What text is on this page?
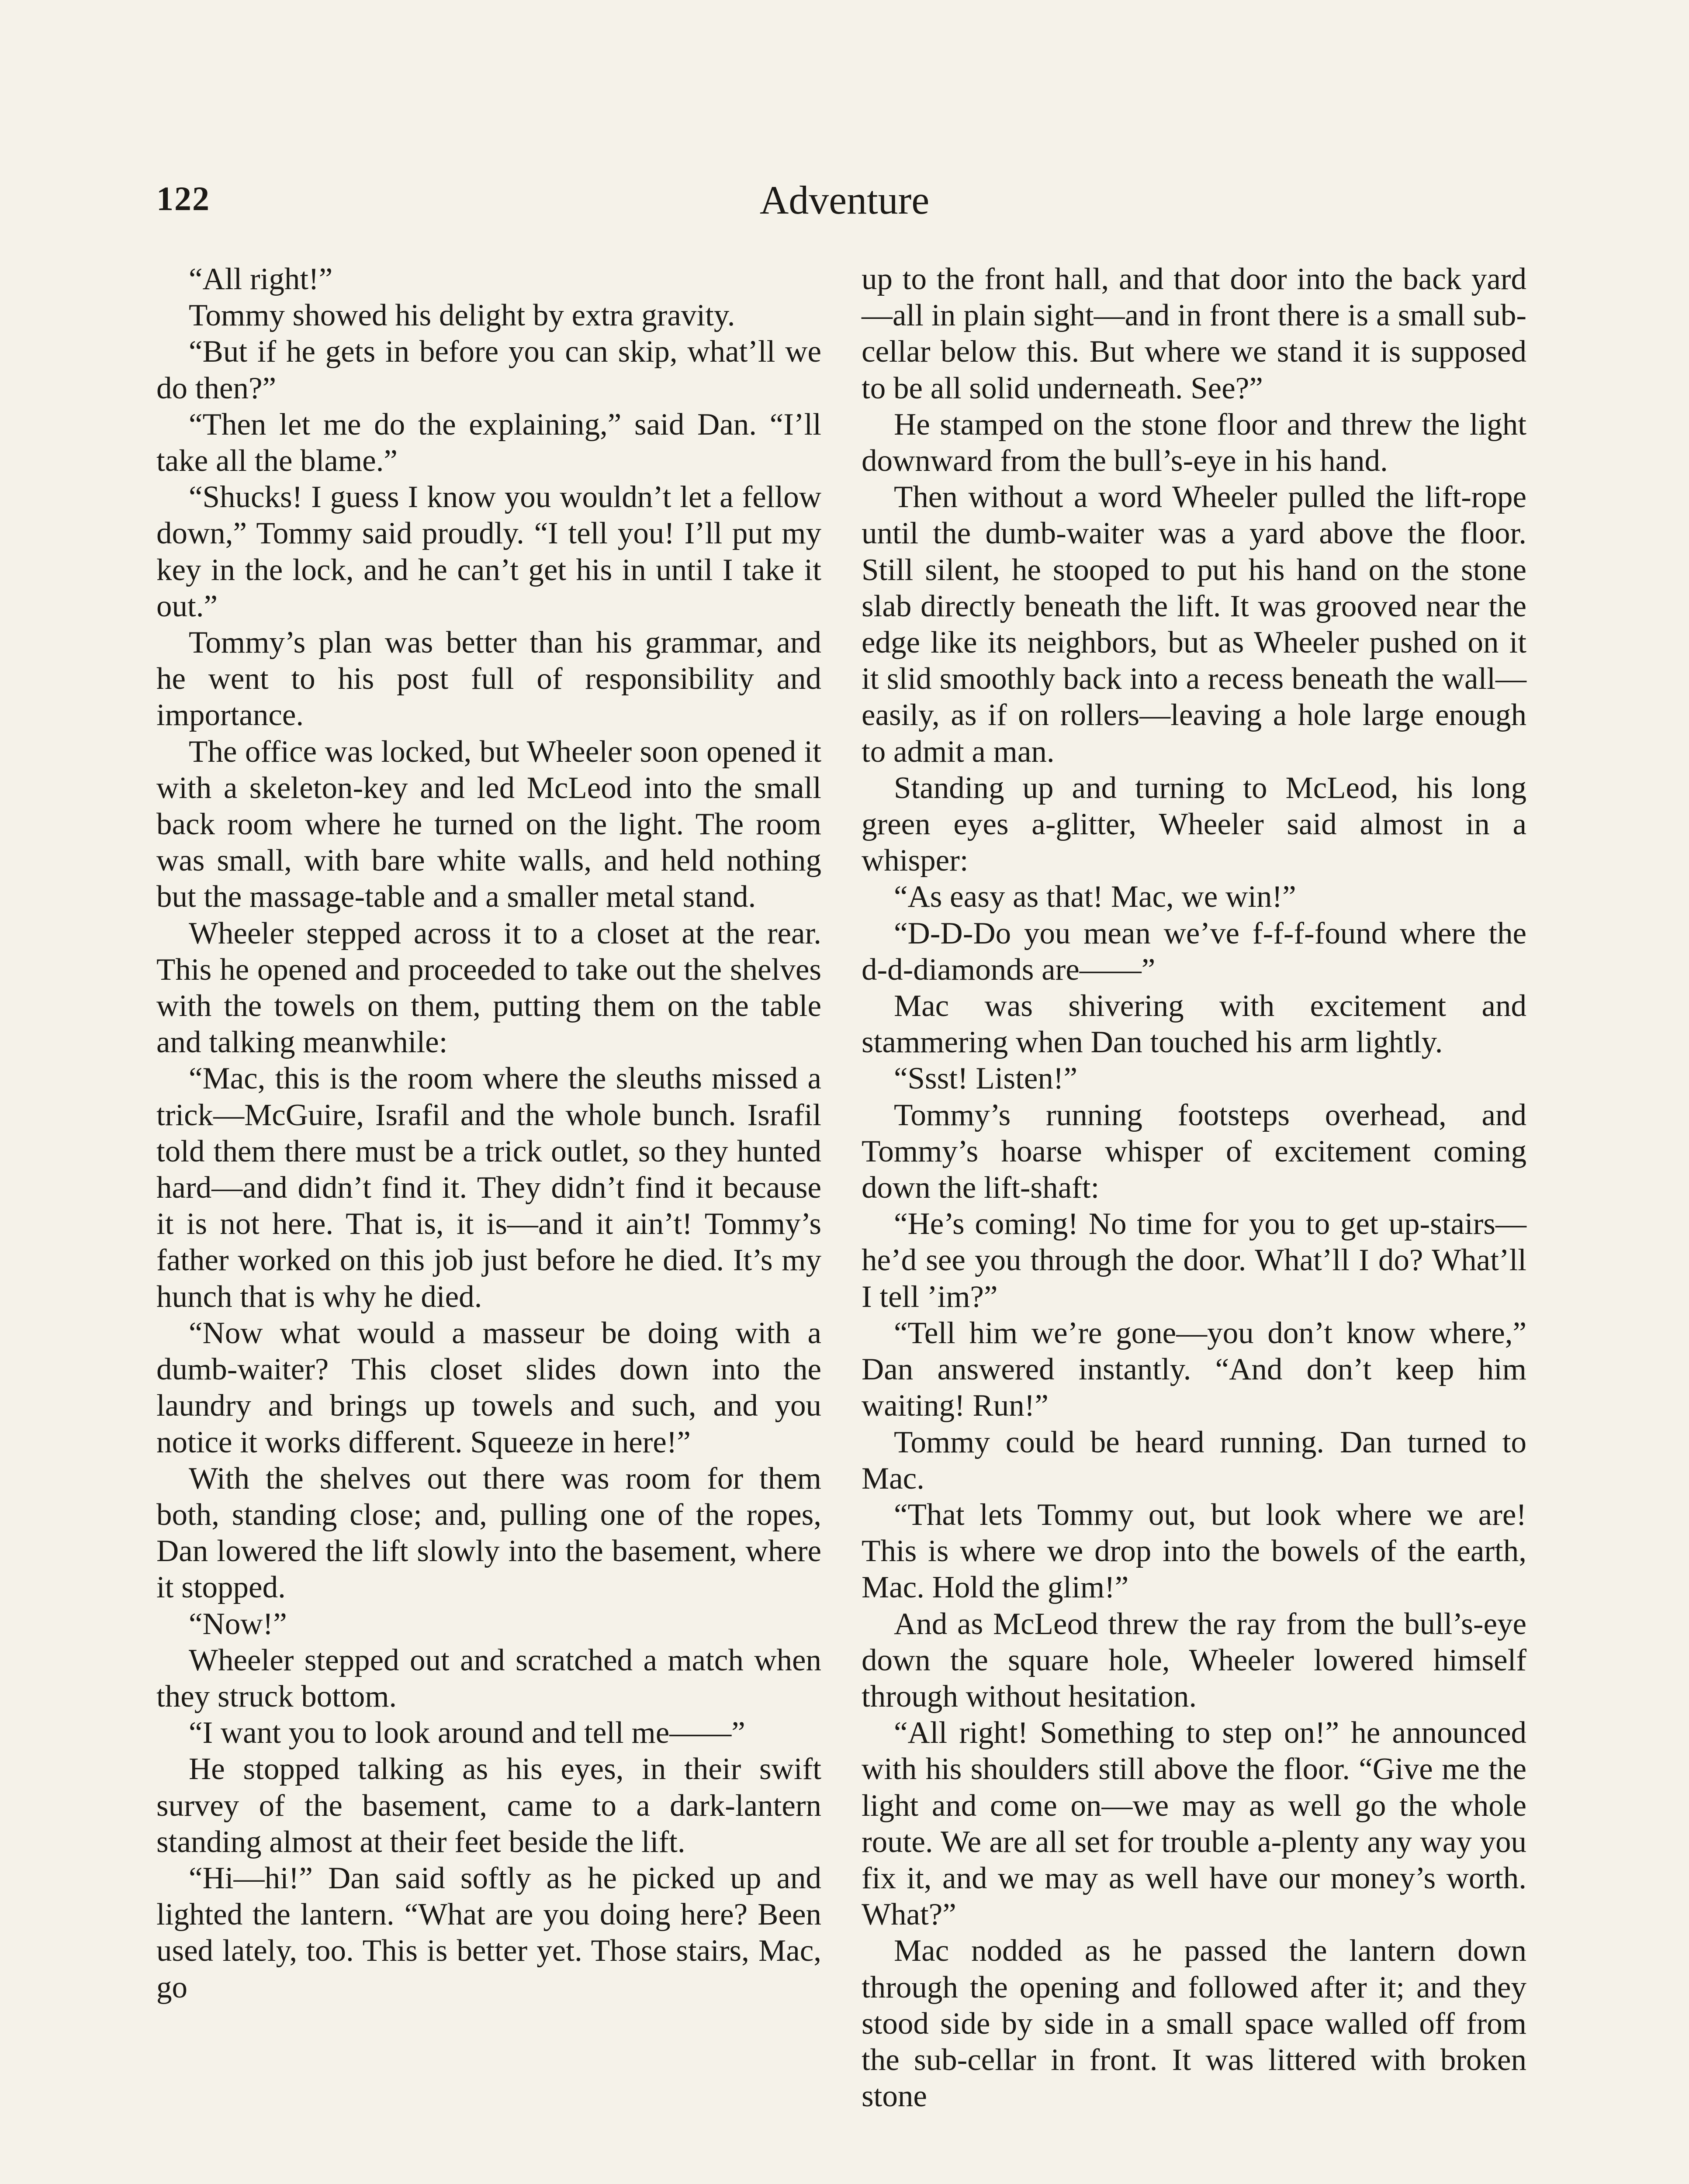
122	Adventure

“All right!”

Tommy showed his delight by extra gravity.

“But if he gets in before you can skip, what’ll we do then?”

“Then let me do the explaining,” said Dan. “I’ll take all the blame.”

“Shucks! I guess I know you wouldn’t let a fellow down,” Tommy said proudly. “I tell you! I’ll put my key in the lock, and he can’t get his in until I take it out.”

Tommy’s plan was better than his grammar, and he went to his post full of responsibility and importance.

The office was locked, but Wheeler soon opened it with a skeleton-key and led McLeod into the small back room where he turned on the light. The room was small, with bare white walls, and held nothing but the massage-table and a smaller metal stand.

Wheeler stepped across it to a closet at the rear. This he opened and proceeded to take out the shelves with the towels on them, putting them on the table and talking meanwhile:

“Mac, this is the room where the sleuths missed a trick—McGuire, Israfil and the whole bunch. Israfil told them there must be a trick outlet, so they hunted hard—and didn’t find it. They didn’t find it because it is not here. That is, it is—and it ain’t! Tommy’s father worked on this job just before he died. It’s my hunch that is why he died.

“Now what would a masseur be doing with a dumb-waiter? This closet slides down into the laundry and brings up towels and such, and you notice it works different. Squeeze in here!”

With the shelves out there was room for them both, standing close; and, pulling one of the ropes, Dan lowered the lift slowly into the basement, where it stopped.

“Now!”

Wheeler stepped out and scratched a match when they struck bottom.

“I want you to look around and tell me——”

He stopped talking as his eyes, in their swift survey of the basement, came to a dark-lantern standing almost at their feet beside the lift.

“Hi—hi!” Dan said softly as he picked up and lighted the lantern. “What are you doing here? Been used lately, too. This is better yet. Those stairs, Mac, go

up to the front hall, and that door into the back yard—all in plain sight—and in front there is a small sub-cellar below this. But where we stand it is supposed to be all solid underneath. See?”

He stamped on the stone floor and threw the light downward from the bull’s-eye in his hand.

Then without a word Wheeler pulled the lift-rope until the dumb-waiter was a yard above the floor. Still silent, he stooped to put his hand on the stone slab directly beneath the lift. It was grooved near the edge like its neighbors, but as Wheeler pushed on it it slid smoothly back into a recess beneath the wall—easily, as if on rollers—leaving a hole large enough to admit a man.

Standing up and turning to McLeod, his long green eyes a-glitter, Wheeler said almost in a whisper:

“As easy as that! Mac, we win!”

“D-D-Do you mean we’ve f-f-f-found where the d-d-diamonds are——”

Mac was shivering with excitement and stammering when Dan touched his arm lightly.

“Ssst! Listen!”

Tommy’s running footsteps overhead, and Tommy’s hoarse whisper of excitement coming down the lift-shaft:

“He’s coming! No time for you to get up-stairs—he’d see you through the door. What’ll I do? What’ll I tell ’im?”

“Tell him we’re gone—you don’t know where,” Dan answered instantly. “And don’t keep him waiting! Run!”

Tommy could be heard running. Dan turned to Mac.

“That lets Tommy out, but look where we are! This is where we drop into the bowels of the earth, Mac. Hold the glim!”

And as McLeod threw the ray from the bull’s-eye down the square hole, Wheeler lowered himself through without hesitation.

“All right! Something to step on!” he announced with his shoulders still above the floor. “Give me the light and come on—we may as well go the whole route. We are all set for trouble a-plenty any way you fix it, and we may as well have our money’s worth. What?”

Mac nodded as he passed the lantern down through the opening and followed after it; and they stood side by side in a small space walled off from the sub-cellar in front. It was littered with broken stone
